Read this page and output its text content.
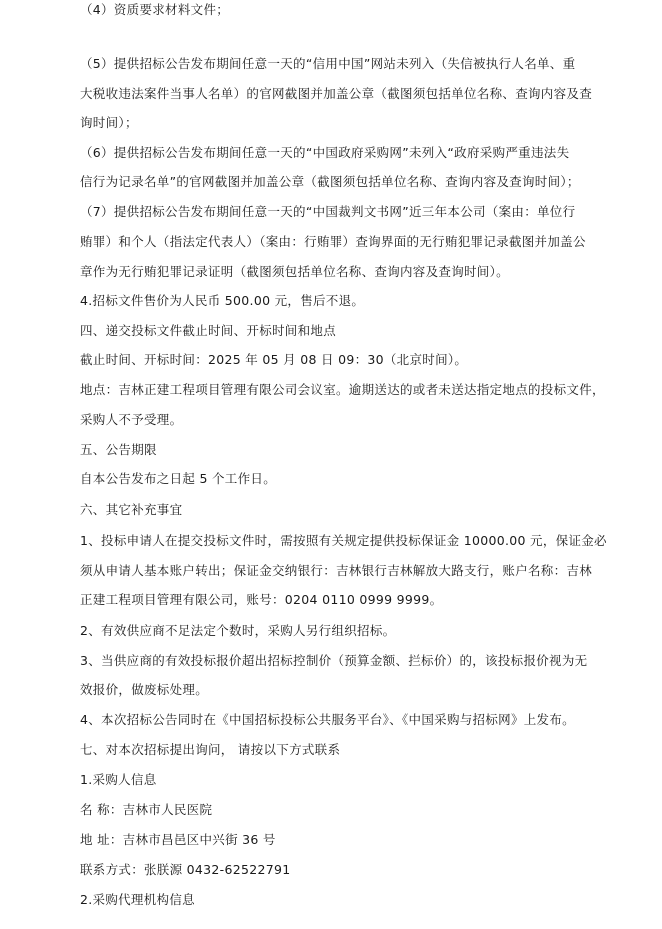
（4）资质要求材料文件；
（5）提供招标公告发布期间任意一天的“信用中国”网站未列入（失信被执行人名单、重
大税收违法案件当事人名单）的官网截图并加盖公章（截图须包括单位名称、查询内容及查
询时间）；
（6）提供招标公告发布期间任意一天的“中国政府采购网”未列入“政府采购严重违法失
信行为记录名单”的官网截图并加盖公章（截图须包括单位名称、查询内容及查询时间）；
（7）提供招标公告发布期间任意一天的“中国裁判文书网”近三年本公司（案由：单位行
贿罪）和个人（指法定代表人）（案由：行贿罪）查询界面的无行贿犯罪记录截图并加盖公
章作为无行贿犯罪记录证明（截图须包括单位名称、查询内容及查询时间）。
4.招标文件售价为人民币 500.00 元，售后不退。
四、递交投标文件截止时间、开标时间和地点
截止时间、开标时间：2025 年 05 月 08 日 09：30（北京时间）。
地点：吉林正建工程项目管理有限公司会议室。逾期送达的或者未送达指定地点的投标文件，
采购人不予受理。
五、公告期限
自本公告发布之日起 5 个工作日。
六、其它补充事宜
1、投标申请人在提交投标文件时，需按照有关规定提供投标保证金 10000.00 元，保证金必
须从申请人基本账户转出；保证金交纳银行：吉林银行吉林解放大路支行，账户名称：吉林
正建工程项目管理有限公司，账号：0204 0110 0999 9999。
2、有效供应商不足法定个数时，采购人另行组织招标。
3、当供应商的有效投标报价超出招标控制价（预算金额、拦标价）的，该投标报价视为无
效报价，做废标处理。
4、本次招标公告同时在《中国招标投标公共服务平台》、《中国采购与招标网》上发布。
七、对本次招标提出询问， 请按以下方式联系
1.采购人信息
名 称：吉林市人民医院
地 址：吉林市昌邑区中兴街 36 号
联系方式：张朕源 0432-62522791
2.采购代理机构信息
